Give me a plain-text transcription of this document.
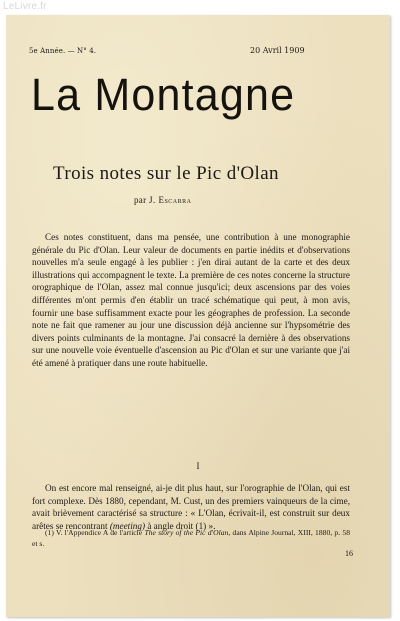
LeLivre.fr
5e Année. — N° 4.	20 Avril 1909
La Montagne
Trois notes sur le Pic d'Olan
par J. Escarra
Ces notes constituent, dans ma pensée, une contribution à une monographie générale du Pic d'Olan. Leur valeur de documents en partie inédits et d'observations nouvelles m'a seule engagé à les publier : j'en dirai autant de la carte et des deux illustrations qui accompagnent le texte. La première de ces notes concerne la structure orographique de l'Olan, assez mal connue jusqu'ici; deux ascensions par des voies différentes m'ont permis d'en établir un tracé schématique qui peut, à mon avis, fournir une base suffisamment exacte pour les géographes de profession. La seconde note ne fait que ramener au jour une discussion déjà ancienne sur l'hypsométrie des divers points culminants de la montagne. J'ai consacré la dernière à des observations sur une nouvelle voie éventuelle d'ascension au Pic d'Olan et sur une variante que j'ai été amené à pratiquer dans une route habituelle.
I
On est encore mal renseigné, ai-je dit plus haut, sur l'orographie de l'Olan, qui est fort complexe. Dès 1880, cependant, M. Cust, un des premiers vainqueurs de la cime, avait brièvement caractérisé sa structure : « L'Olan, écrivait-il, est construit sur deux arêtes se rencontrant (meeting) à angle droit (1) ».
(1) V. l'Appendice A de l'article The story of the Pic d'Olan, dans Alpine Journal, XIII, 1880, p. 58 et s.
16
